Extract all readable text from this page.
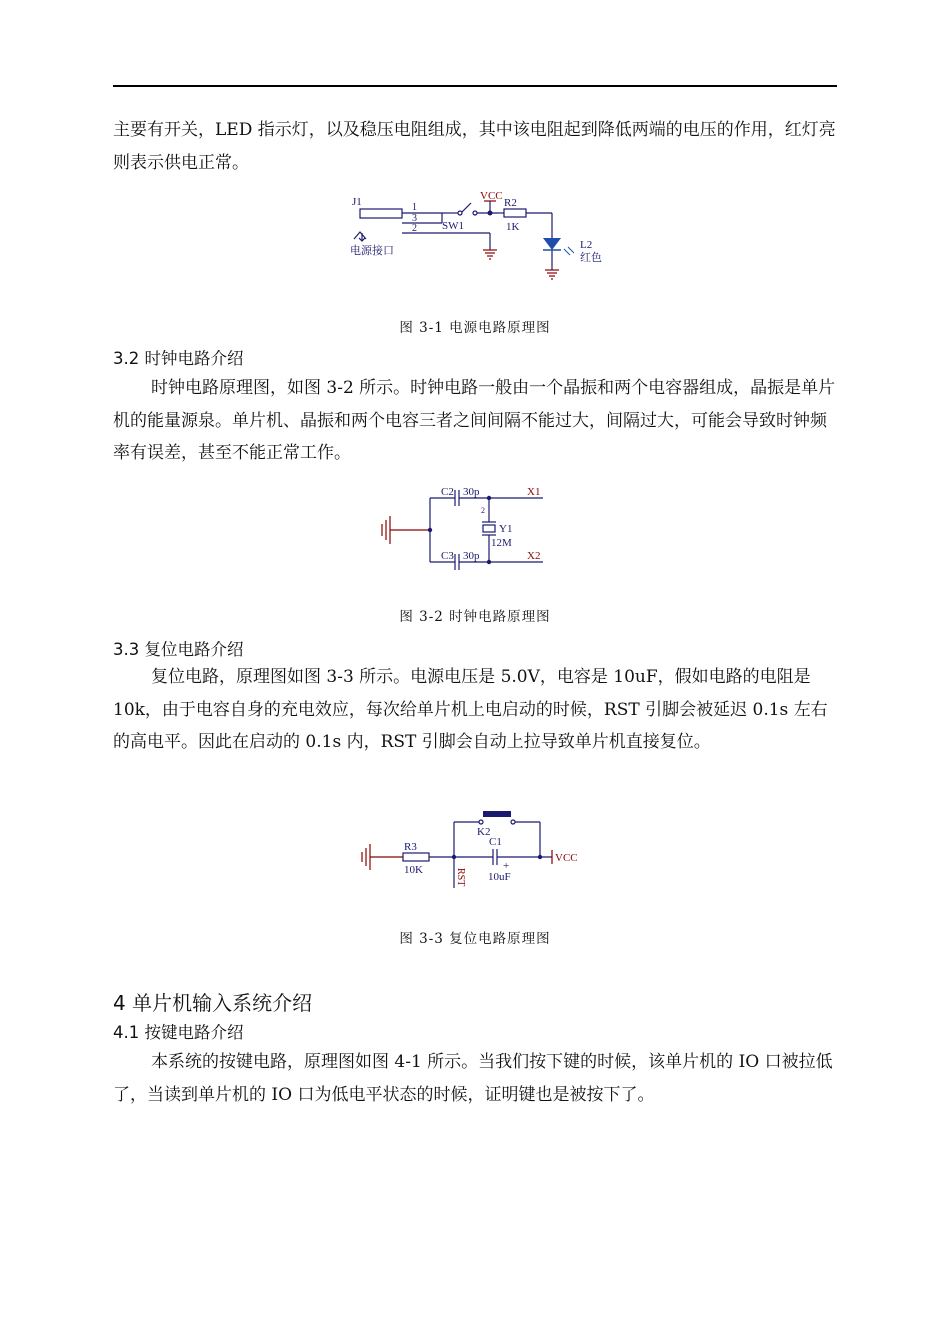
主要有开关，LED 指示灯，以及稳压电阻组成，其中该电阻起到降低两端的电压的作用，红灯亮则表示供电正常。

J1	1
3
2
电源接口
SW1
VCC
R2
1K
L2
红色

图 3-1 电源电路原理图

3.2 时钟电路介绍

时钟电路原理图，如图 3-2 所示。时钟电路一般由一个晶振和两个电容器组成，晶振是单片机的能量源泉。单片机、晶振和两个电容三者之间间隔不能过大，间隔过大，可能会导致时钟频率有误差，甚至不能正常工作。

C2 30p
C3 30p
X1
X2
Y1
12M
2

图 3-2 时钟电路原理图

3.3 复位电路介绍

复位电路，原理图如图 3-3 所示。电源电压是 5.0V，电容是 10uF，假如电路的电阻是 10k，由于电容自身的充电效应，每次给单片机上电启动的时候，RST 引脚会被延迟 0.1s 左右的高电平。因此在启动的 0.1s 内，RST 引脚会自动上拉导致单片机直接复位。

K2
R3
10K
C1
+
10uF
VCC
RST

图 3-3 复位电路原理图

4 单片机输入系统介绍

4.1 按键电路介绍

本系统的按键电路，原理图如图 4-1 所示。当我们按下键的时候，该单片机的 IO 口被拉低了，当读到单片机的 IO 口为低电平状态的时候，证明键也是被按下了。
